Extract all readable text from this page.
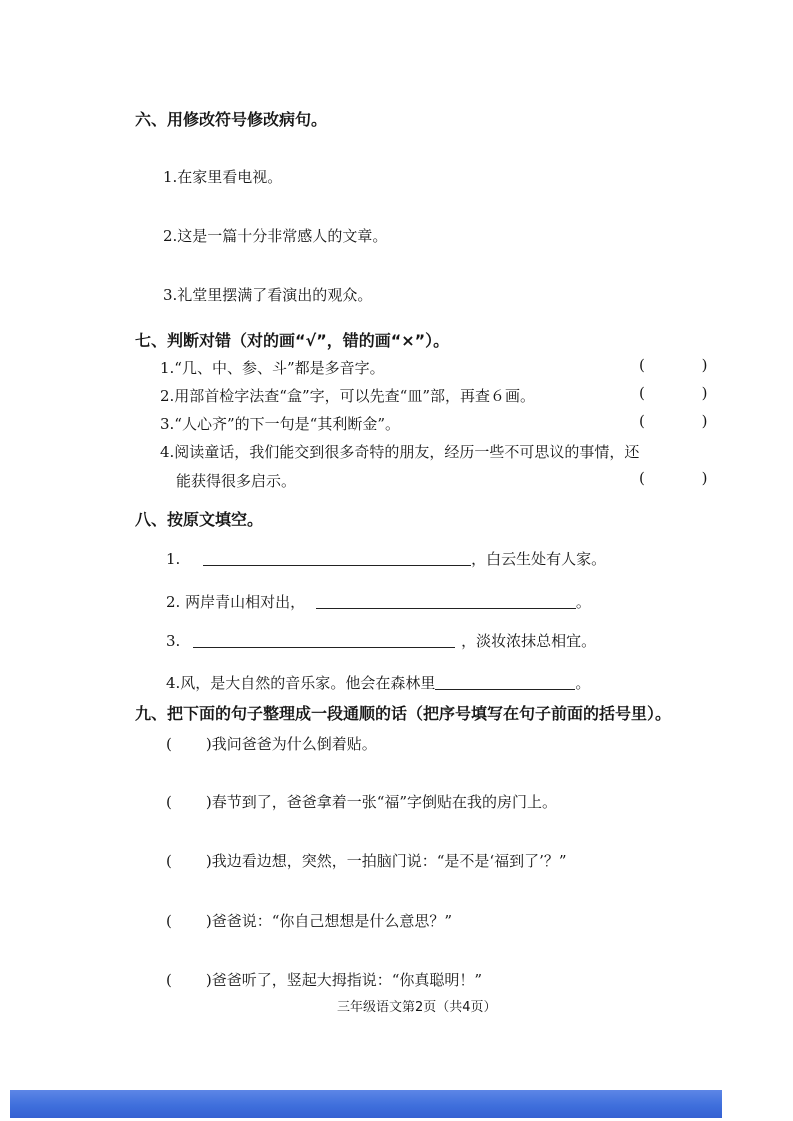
六、用修改符号修改病句。
1.在家里看电视。
2.这是一篇十分非常感人的文章。
3.礼堂里摆满了看演出的观众。
七、判断对错（对的画“√”，错的画“×”）。
1.“几、中、参、斗”都是多音字。	( )
2.用部首检字法查“盒”字，可以先查“皿”部，再查６画。	( )
3.“人心齐”的下一句是“其利断金”。	( )
4.阅读童话，我们能交到很多奇特的朋友，经历一些不可思议的事情，还
能获得很多启示。	( )
八、按原文填空。
1.	，白云生处有人家。
2. 两岸青山相对出，	。
3.	，淡妆浓抹总相宜。
4.风，是大自然的音乐家。他会在森林里	。
九、把下面的句子整理成一段通顺的话（把序号填写在句子前面的括号里）。
( )我问爸爸为什么倒着贴。
( )春节到了，爸爸拿着一张“福”字倒贴在我的房门上。
( )我边看边想，突然，一拍脑门说：“是不是‘福到了’？”
( )爸爸说：“你自己想想是什么意思？”
( )爸爸听了，竖起大拇指说：“你真聪明！”
三年级语文第2页（共4页）
